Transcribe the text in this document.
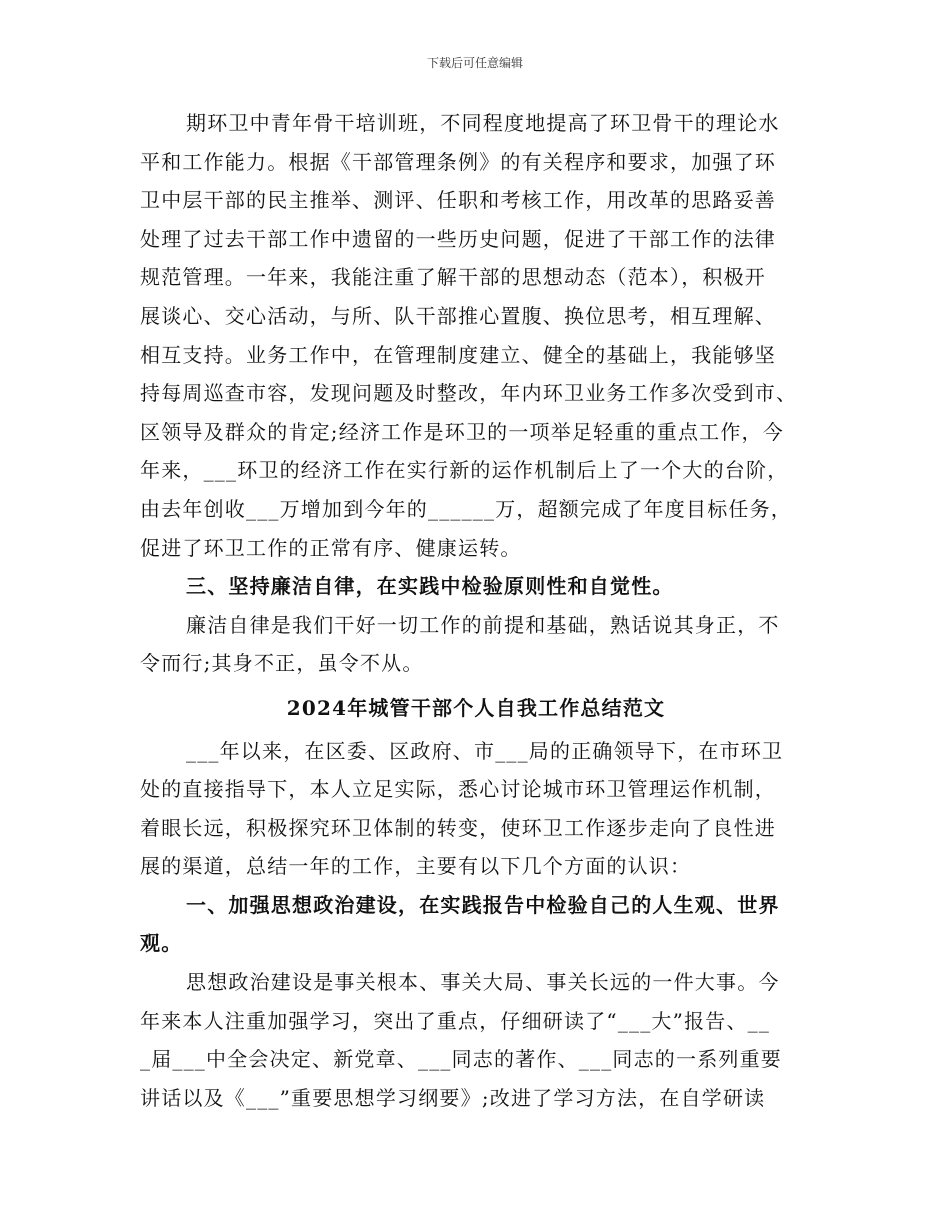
下载后可任意编辑
期环卫中青年骨干培训班，不同程度地提高了环卫骨干的理论水
平和工作能力。根据《干部管理条例》的有关程序和要求，加强了环
卫中层干部的民主推举、测评、任职和考核工作，用改革的思路妥善
处理了过去干部工作中遗留的一些历史问题，促进了干部工作的法律
规范管理。一年来，我能注重了解干部的思想动态（范本），积极开
展谈心、交心活动，与所、队干部推心置腹、换位思考，相互理解、
相互支持。业务工作中，在管理制度建立、健全的基础上，我能够坚
持每周巡查市容，发现问题及时整改，年内环卫业务工作多次受到市、
区领导及群众的肯定;经济工作是环卫的一项举足轻重的重点工作，今
年来，___环卫的经济工作在实行新的运作机制后上了一个大的台阶，
由去年创收___万增加到今年的______万，超额完成了年度目标任务，
促进了环卫工作的正常有序、健康运转。
三、坚持廉洁自律，在实践中检验原则性和自觉性。
廉洁自律是我们干好一切工作的前提和基础，熟话说其身正，不
令而行;其身不正，虽令不从。
2024年城管干部个人自我工作总结范文
___年以来，在区委、区政府、市___局的正确领导下，在市环卫
处的直接指导下，本人立足实际，悉心讨论城市环卫管理运作机制，
着眼长远，积极探究环卫体制的转变，使环卫工作逐步走向了良性进
展的渠道，总结一年的工作，主要有以下几个方面的认识：
一、加强思想政治建设，在实践报告中检验自己的人生观、世界
观。
思想政治建设是事关根本、事关大局、事关长远的一件大事。今
年来本人注重加强学习，突出了重点，仔细研读了“___大”报告、__
_届___中全会决定、新党章、___同志的著作、___同志的一系列重要
讲话以及《___”重要思想学习纲要》;改进了学习方法，在自学研读
